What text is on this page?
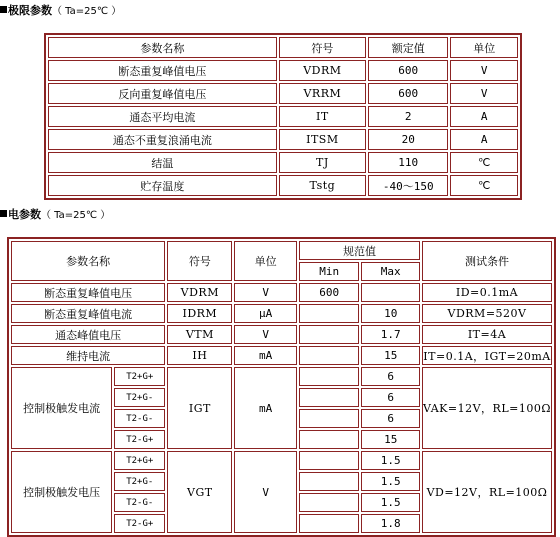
极限参数（ Ta=25℃ ）
参数名称	符号	额定值	单位
断态重复峰值电压	VDRM	600	V
反向重复峰值电压	VRRM	600	V
通态平均电流	IT	2	A
通态不重复浪涌电流	ITSM	20	A
结温	TJ	110	℃
贮存温度	Tstg	-40～150	℃
电参数（ Ta=25℃ ）
参数名称		符号	单位	规范值		测试条件
				Min	Max	
断态重复峰值电压		VDRM	V	600		ID=0.1mA
断态重复峰值电流		IDRM	μA		10	VDRM=520V
通态峰值电压		VTM	V		1.7	IT=4A
维持电流		IH	mA		15	IT=0.1A，IGT=20mA
控制极触发电流	T2+G+	IGT	mA		6	VAK=12V，RL=100Ω
	T2+G-				6	
	T2-G-				6	
	T2-G+				15	
控制极触发电压	T2+G+	VGT	V		1.5	VD=12V，RL=100Ω
	T2+G-				1.5	
	T2-G-				1.5	
	T2-G+				1.8	
